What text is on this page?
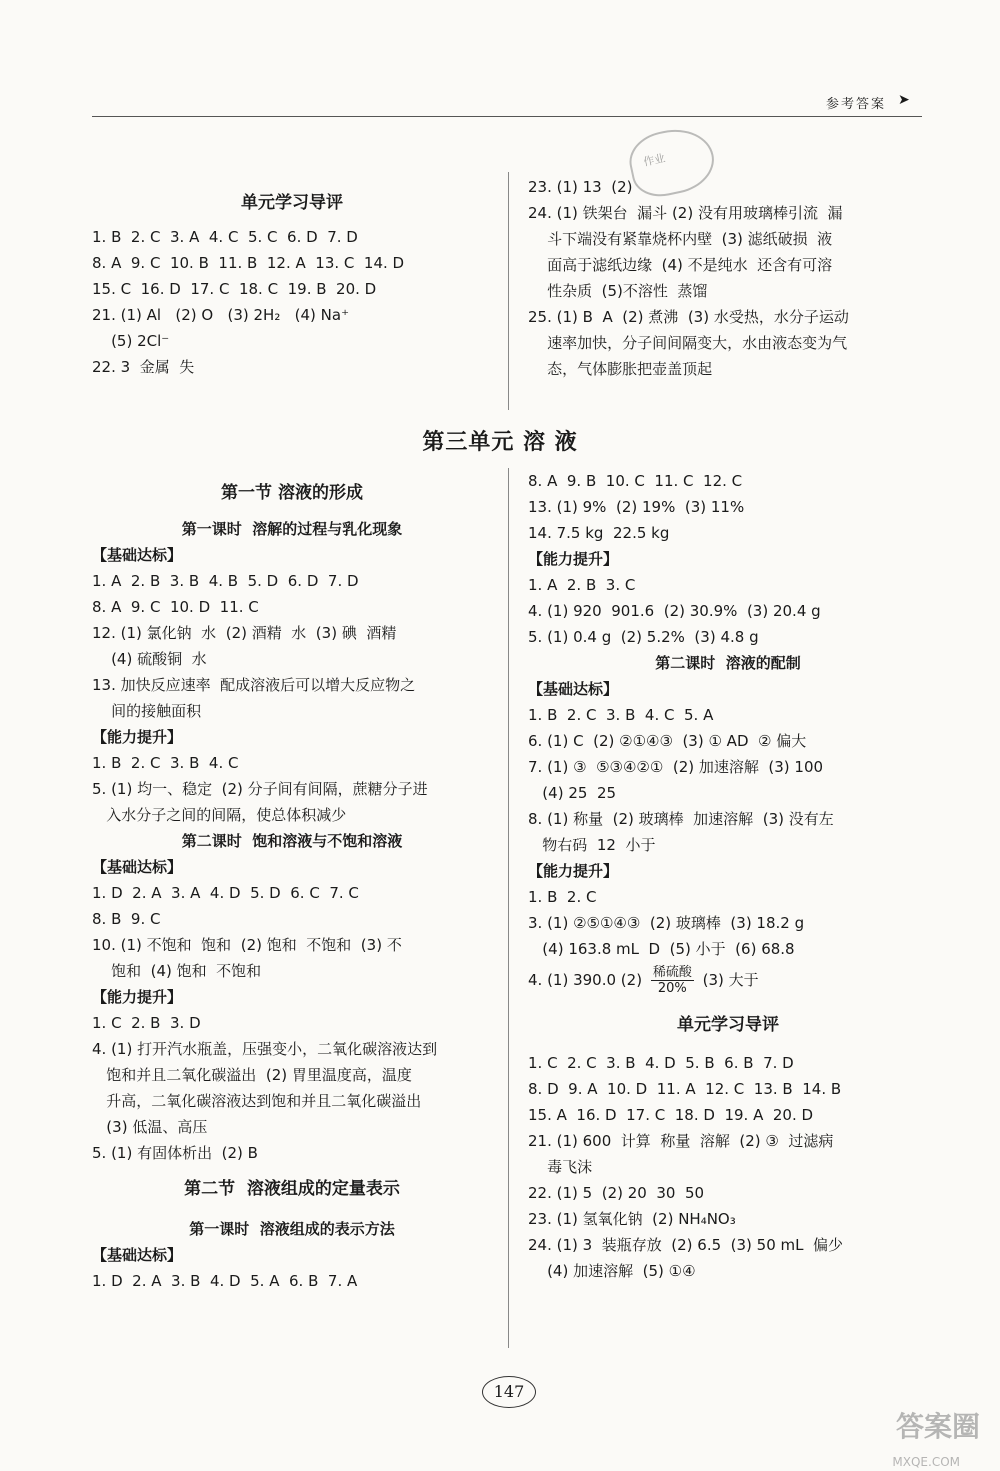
参考答案 ➤
作业
单元学习导评
1. B  2. C  3. A  4. C  5. C  6. D  7. D
8. A  9. C  10. B  11. B  12. A  13. C  14. D
15. C  16. D  17. C  18. C  19. B  20. D
21. (1) Al   (2) O   (3) 2H₂   (4) Na⁺
(5) 2Cl⁻
22. 3  金属  失
23. (1) 13  (2)
24. (1) 铁架台  漏斗 (2) 没有用玻璃棒引流  漏
斗下端没有紧靠烧杯内壁  (3) 滤纸破损  液
面高于滤纸边缘  (4) 不是纯水  还含有可溶
性杂质  (5)不溶性  蒸馏
25. (1) B  A  (2) 煮沸  (3) 水受热，水分子运动
速率加快，分子间间隔变大，水由液态变为气
态，气体膨胀把壶盖顶起
第三单元 溶 液
第一节 溶液的形成
第一课时  溶解的过程与乳化现象
【基础达标】
1. A  2. B  3. B  4. B  5. D  6. D  7. D
8. A  9. C  10. D  11. C
12. (1) 氯化钠  水  (2) 酒精  水  (3) 碘  酒精
(4) 硫酸铜  水
13. 加快反应速率  配成溶液后可以增大反应物之
间的接触面积
【能力提升】
1. B  2. C  3. B  4. C
5. (1) 均一、稳定  (2) 分子间有间隔，蔗糖分子进
入水分子之间的间隔，使总体积减少
第二课时  饱和溶液与不饱和溶液
【基础达标】
1. D  2. A  3. A  4. D  5. D  6. C  7. C
8. B  9. C
10. (1) 不饱和  饱和  (2) 饱和  不饱和  (3) 不
饱和  (4) 饱和  不饱和
【能力提升】
1. C  2. B  3. D
4. (1) 打开汽水瓶盖，压强变小，二氧化碳溶液达到
饱和并且二氧化碳溢出  (2) 胃里温度高，温度
升高，二氧化碳溶液达到饱和并且二氧化碳溢出
(3) 低温、高压
5. (1) 有固体析出  (2) B
第二节  溶液组成的定量表示
第一课时  溶液组成的表示方法
【基础达标】
1. D  2. A  3. B  4. D  5. A  6. B  7. A
8. A  9. B  10. C  11. C  12. C
13. (1) 9%  (2) 19%  (3) 11%
14. 7.5 kg  22.5 kg
【能力提升】
1. A  2. B  3. C
4. (1) 920  901.6  (2) 30.9%  (3) 20.4 g
5. (1) 0.4 g  (2) 5.2%  (3) 4.8 g
第二课时  溶液的配制
【基础达标】
1. B  2. C  3. B  4. C  5. A
6. (1) C  (2) ②①④③  (3) ① AD  ② 偏大
7. (1) ③  ⑤③④②①  (2) 加速溶解  (3) 100
(4) 25  25
8. (1) 称量  (2) 玻璃棒  加速溶解  (3) 没有左
物右码  12  小于
【能力提升】
1. B  2. C
3. (1) ②⑤①④③  (2) 玻璃棒  (3) 18.2 g
(4) 163.8 mL  D  (5) 小于  (6) 68.8
4. (1) 390.0 $(2) \frac{\text{稀硫酸}}{20\%} (3)$ 大于
单元学习导评
1. C  2. C  3. B  4. D  5. B  6. B  7. D
8. D  9. A  10. D  11. A  12. C  13. B  14. B
15. A  16. D  17. C  18. D  19. A  20. D
21. (1) 600  计算  称量  溶解  (2) ③  过滤病
毒飞沫
22. (1) 5  (2) 20  30  50
23. (1) 氢氧化钠  (2) NH₄NO₃
24. (1) 3  装瓶存放  (2) 6.5  (3) 50 mL  偏少
(4) 加速溶解  (5) ①④
147
答案圈
MXQE.COM
